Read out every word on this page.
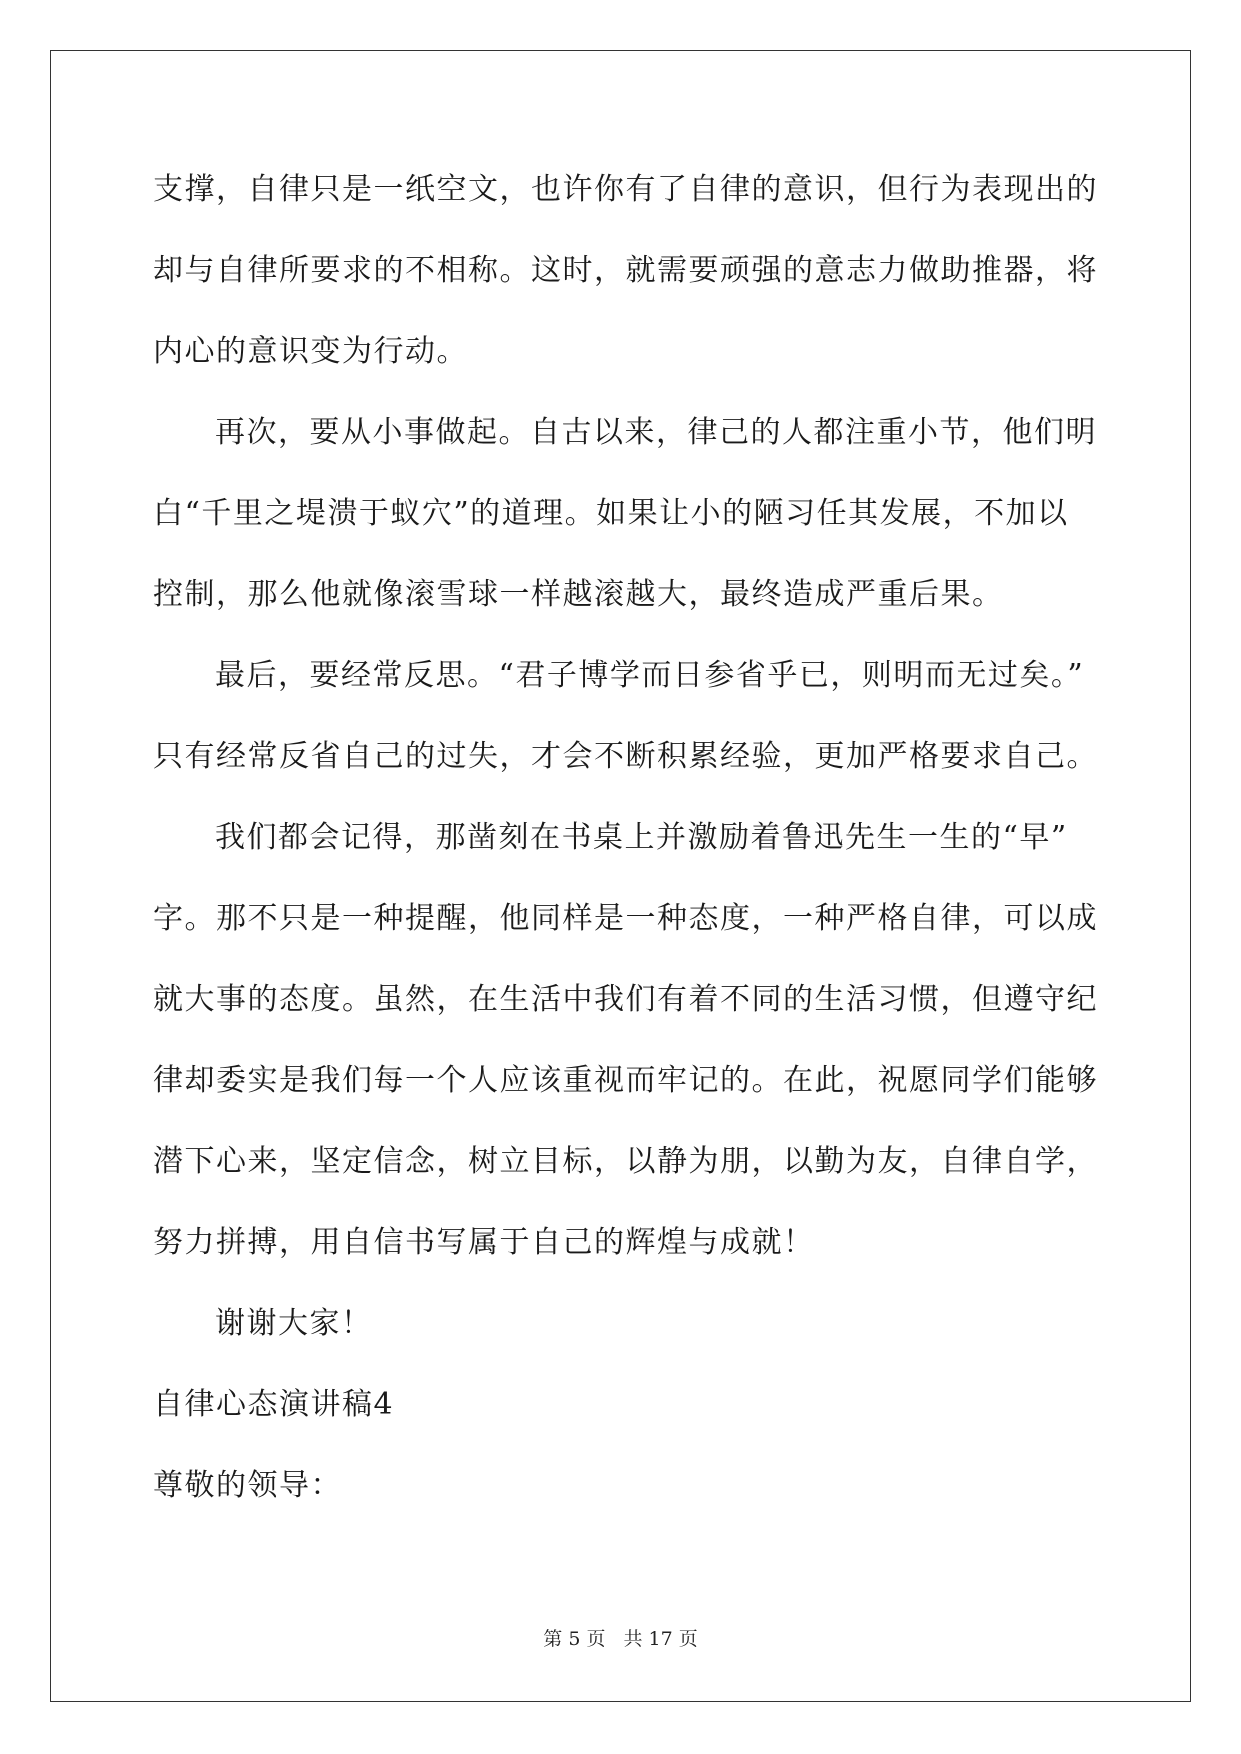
支撑，自律只是一纸空文，也许你有了自律的意识，但行为表现出的
却与自律所要求的不相称。这时，就需要顽强的意志力做助推器，将
内心的意识变为行动。
再次，要从小事做起。自古以来，律己的人都注重小节，他们明
白“千里之堤溃于蚁穴”的道理。如果让小的陋习任其发展，不加以
控制，那么他就像滚雪球一样越滚越大，最终造成严重后果。
最后，要经常反思。“君子博学而日参省乎已，则明而无过矣。”
只有经常反省自己的过失，才会不断积累经验，更加严格要求自己。
我们都会记得，那凿刻在书桌上并激励着鲁迅先生一生的“早”
字。那不只是一种提醒，他同样是一种态度，一种严格自律，可以成
就大事的态度。虽然，在生活中我们有着不同的生活习惯，但遵守纪
律却委实是我们每一个人应该重视而牢记的。在此，祝愿同学们能够
潜下心来，坚定信念，树立目标，以静为朋，以勤为友，自律自学，
努力拼搏，用自信书写属于自己的辉煌与成就！
谢谢大家！
自律心态演讲稿4
尊敬的领导：
第 5 页 共 17 页
